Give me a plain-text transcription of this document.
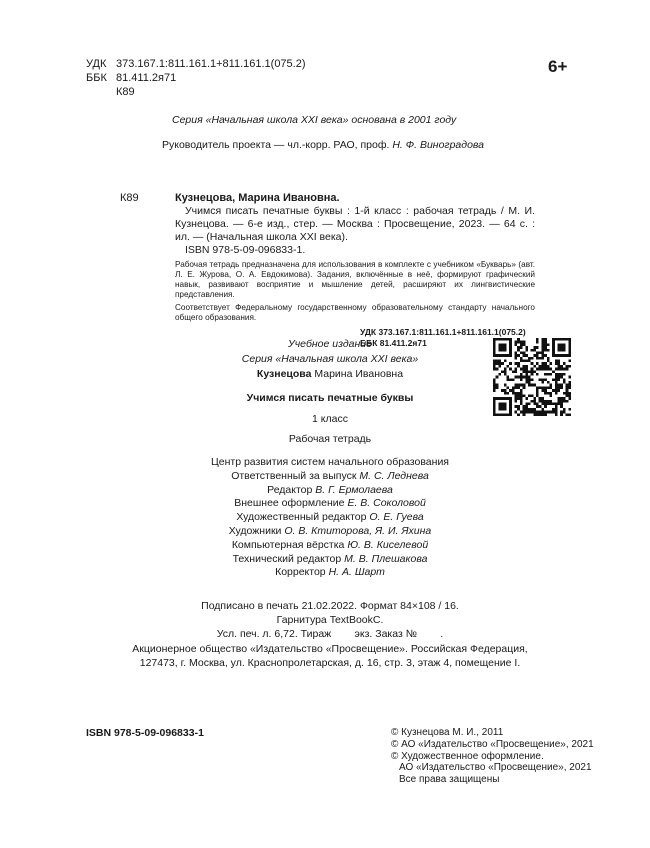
УДК 373.167.1:811.161.1+811.161.1(075.2)
ББК 81.411.2я71
К89
6+
Серия «Начальная школа XXI века» основана в 2001 году
Руководитель проекта — чл.-корр. РАО, проф. Н. Ф. Виноградова
К89	Кузнецова, Марина Ивановна.

Учимся писать печатные буквы : 1-й класс : рабочая тетрадь / М. И. Кузнецова. — 6-е изд., стер. — Москва : Просвещение, 2023. — 64 с. : ил. — (Начальная школа XXI века).

ISBN 978-5-09-096833-1.

Рабочая тетрадь предназначена для использования в комплекте с учебником «Букварь» (авт. Л. Е. Журова, О. А. Евдокимова). Задания, включённые в неё, формируют графический навык, развивают восприятие и мышление детей, расширяют их лингвистические представления.

Соответствует Федеральному государственному образовательному стандарту начального общего образования.

УДК 373.167.1:811.161.1+811.161.1(075.2)
ББК 81.411.2я71
Учебное издание
Серия «Начальная школа XXI века»
Кузнецова Марина Ивановна
Учимся писать печатные буквы
1 класс
Рабочая тетрадь
Центр развития систем начального образования
Ответственный за выпуск М. С. Леднева
Редактор В. Г. Ермолаева
Внешнее оформление Е. В. Соколовой
Художественный редактор О. Е. Гуева
Художники О. В. Ктиторова, Я. И. Яхина
Компьютерная вёрстка Ю. В. Киселевой
Технический редактор М. В. Плешакова
Корректор Н. А. Шарт
Подписано в печать 21.02.2022. Формат 84×108 / 16.
Гарнитура TextBookC.
Усл. печ. л. 6,72. Тираж        экз. Заказ №        .
Акционерное общество «Издательство «Просвещение». Российская Федерация,
127473, г. Москва, ул. Краснопролетарская, д. 16, стр. 3, этаж 4, помещение I.
ISBN 978-5-09-096833-1	© Кузнецова М. И., 2011
© АО «Издательство «Просвещение», 2021
© Художественное оформление.
АО «Издательство «Просвещение», 2021
Все права защищены
